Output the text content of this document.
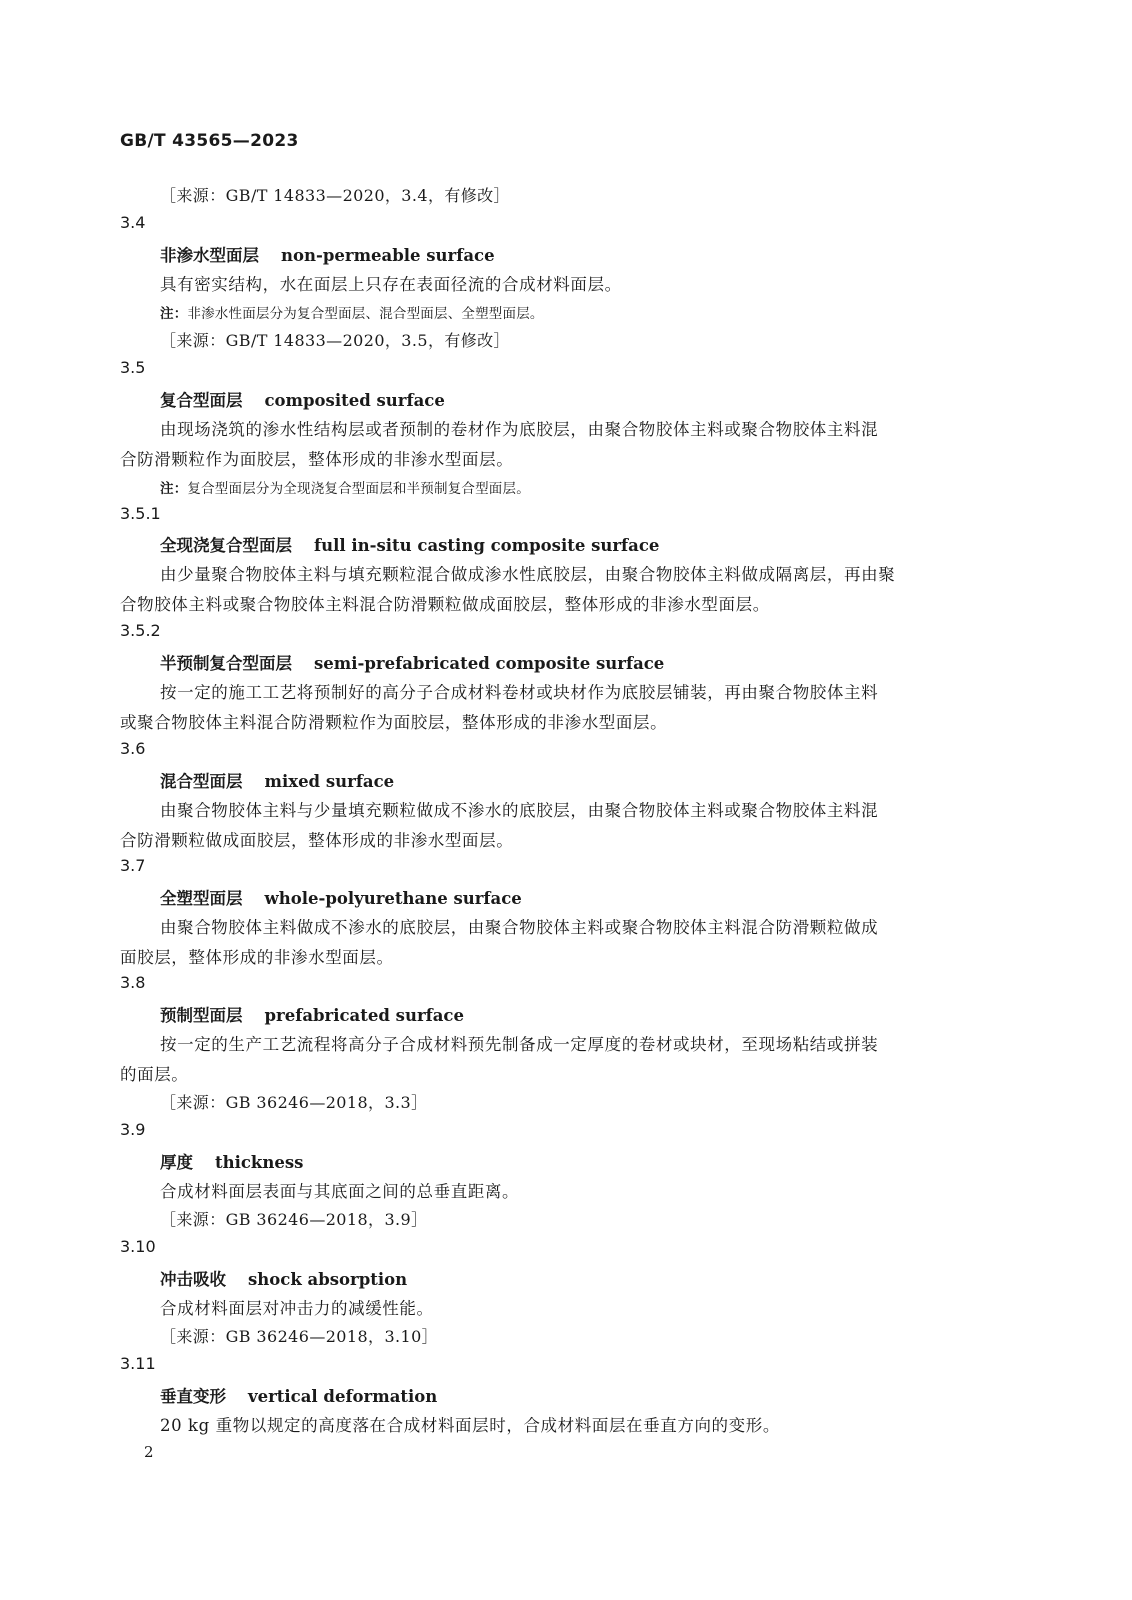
GB/T 43565—2023
［来源：GB/T 14833—2020，3.4，有修改］
3.4
非渗水型面层 non-permeable surface
具有密实结构，水在面层上只存在表面径流的合成材料面层。
注：非渗水性面层分为复合型面层、混合型面层、全塑型面层。
［来源：GB/T 14833—2020，3.5，有修改］
3.5
复合型面层 composited surface
由现场浇筑的渗水性结构层或者预制的卷材作为底胶层，由聚合物胶体主料或聚合物胶体主料混
合防滑颗粒作为面胶层，整体形成的非渗水型面层。
注：复合型面层分为全现浇复合型面层和半预制复合型面层。
3.5.1
全现浇复合型面层 full in-situ casting composite surface
由少量聚合物胶体主料与填充颗粒混合做成渗水性底胶层，由聚合物胶体主料做成隔离层，再由聚
合物胶体主料或聚合物胶体主料混合防滑颗粒做成面胶层，整体形成的非渗水型面层。
3.5.2
半预制复合型面层 semi-prefabricated composite surface
按一定的施工工艺将预制好的高分子合成材料卷材或块材作为底胶层铺装，再由聚合物胶体主料
或聚合物胶体主料混合防滑颗粒作为面胶层，整体形成的非渗水型面层。
3.6
混合型面层 mixed surface
由聚合物胶体主料与少量填充颗粒做成不渗水的底胶层，由聚合物胶体主料或聚合物胶体主料混
合防滑颗粒做成面胶层，整体形成的非渗水型面层。
3.7
全塑型面层 whole-polyurethane surface
由聚合物胶体主料做成不渗水的底胶层，由聚合物胶体主料或聚合物胶体主料混合防滑颗粒做成
面胶层，整体形成的非渗水型面层。
3.8
预制型面层 prefabricated surface
按一定的生产工艺流程将高分子合成材料预先制备成一定厚度的卷材或块材，至现场粘结或拼装
的面层。
［来源：GB 36246—2018，3.3］
3.9
厚度 thickness
合成材料面层表面与其底面之间的总垂直距离。
［来源：GB 36246—2018，3.9］
3.10
冲击吸收 shock absorption
合成材料面层对冲击力的减缓性能。
［来源：GB 36246—2018，3.10］
3.11
垂直变形 vertical deformation
20 kg 重物以规定的高度落在合成材料面层时，合成材料面层在垂直方向的变形。
2
